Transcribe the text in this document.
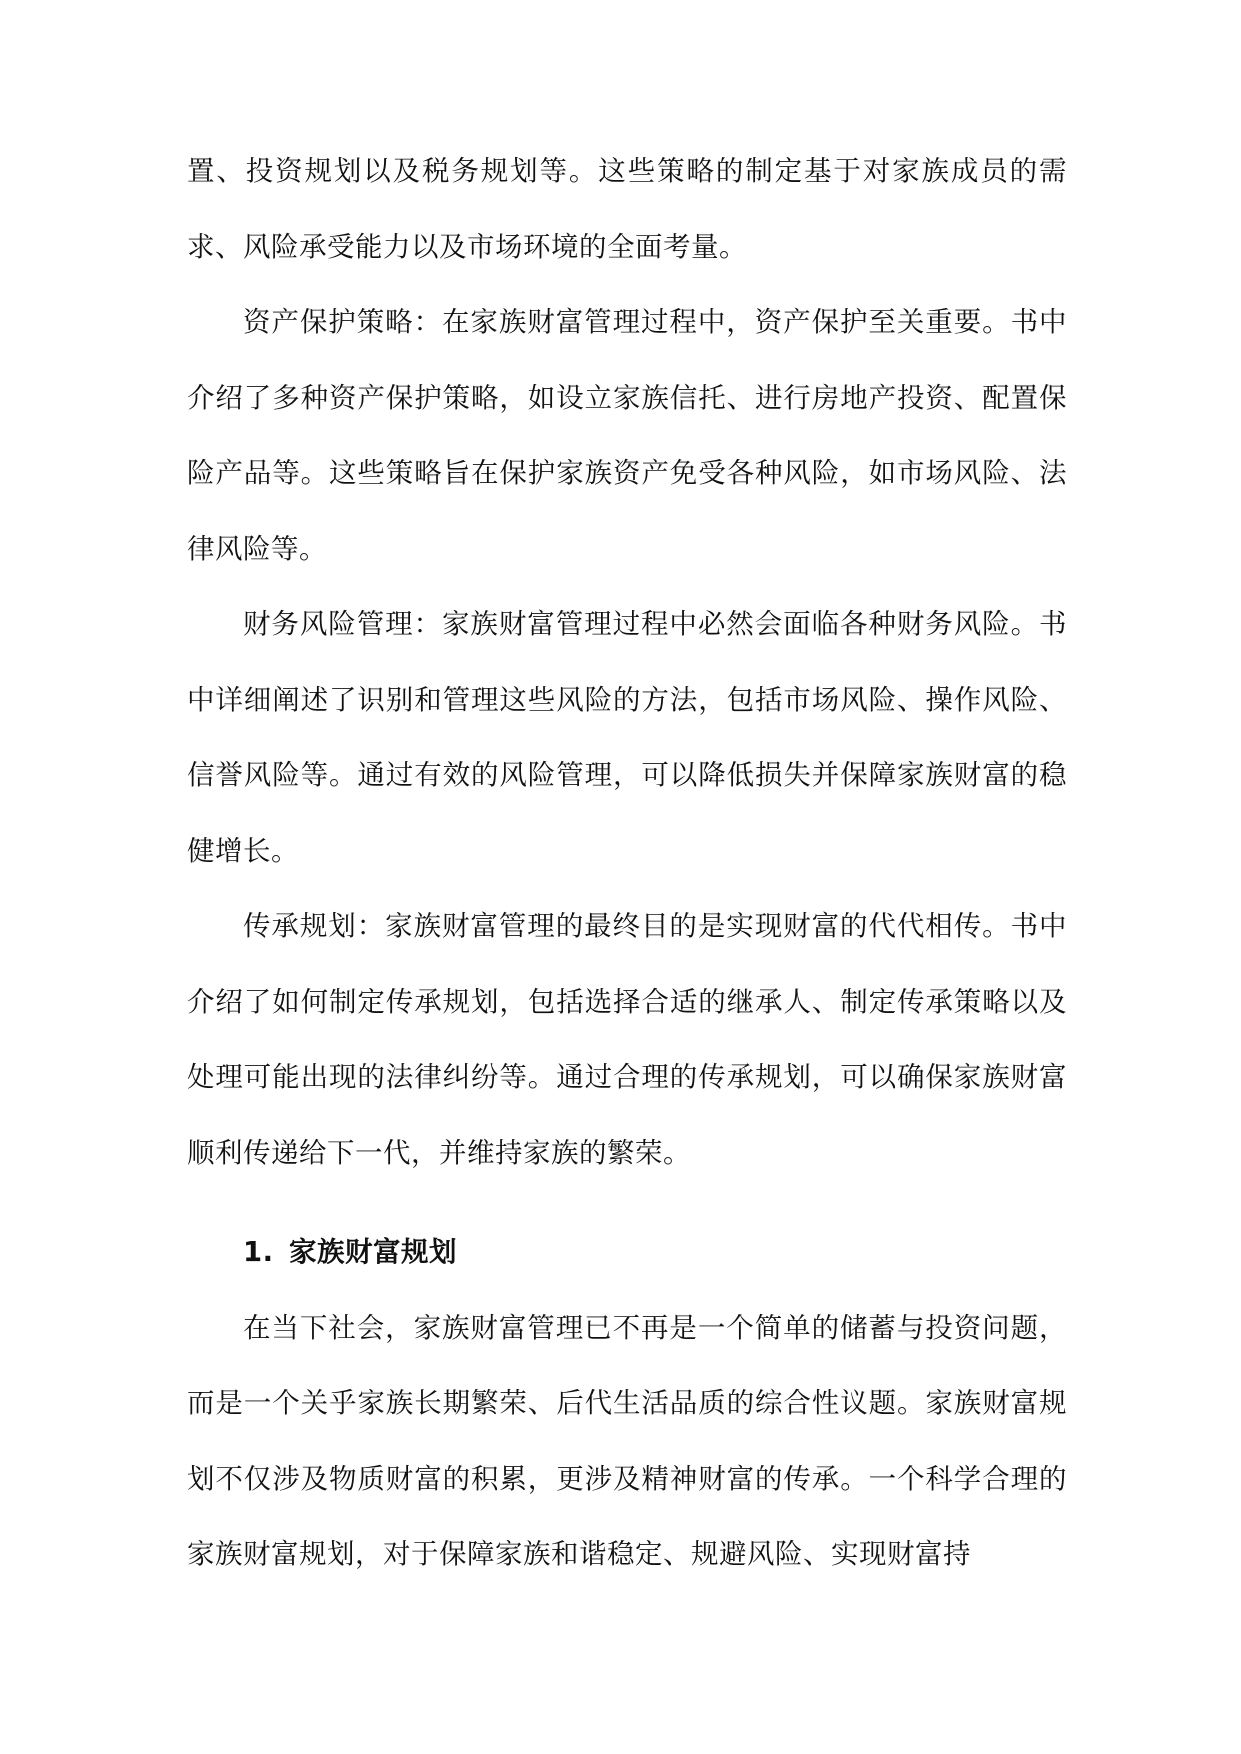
置、投资规划以及税务规划等。这些策略的制定基于对家族成员的需求、风险承受能力以及市场环境的全面考量。

资产保护策略：在家族财富管理过程中，资产保护至关重要。书中介绍了多种资产保护策略，如设立家族信托、进行房地产投资、配置保险产品等。这些策略旨在保护家族资产免受各种风险，如市场风险、法律风险等。

财务风险管理：家族财富管理过程中必然会面临各种财务风险。书中详细阐述了识别和管理这些风险的方法，包括市场风险、操作风险、信誉风险等。通过有效的风险管理，可以降低损失并保障家族财富的稳健增长。

传承规划：家族财富管理的最终目的是实现财富的代代相传。书中介绍了如何制定传承规划，包括选择合适的继承人、制定传承策略以及处理可能出现的法律纠纷等。通过合理的传承规划，可以确保家族财富顺利传递给下一代，并维持家族的繁荣。

1. 家族财富规划

在当下社会，家族财富管理已不再是一个简单的储蓄与投资问题，而是一个关乎家族长期繁荣、后代生活品质的综合性议题。家族财富规划不仅涉及物质财富的积累，更涉及精神财富的传承。一个科学合理的家族财富规划，对于保障家族和谐稳定、规避风险、实现财富持
